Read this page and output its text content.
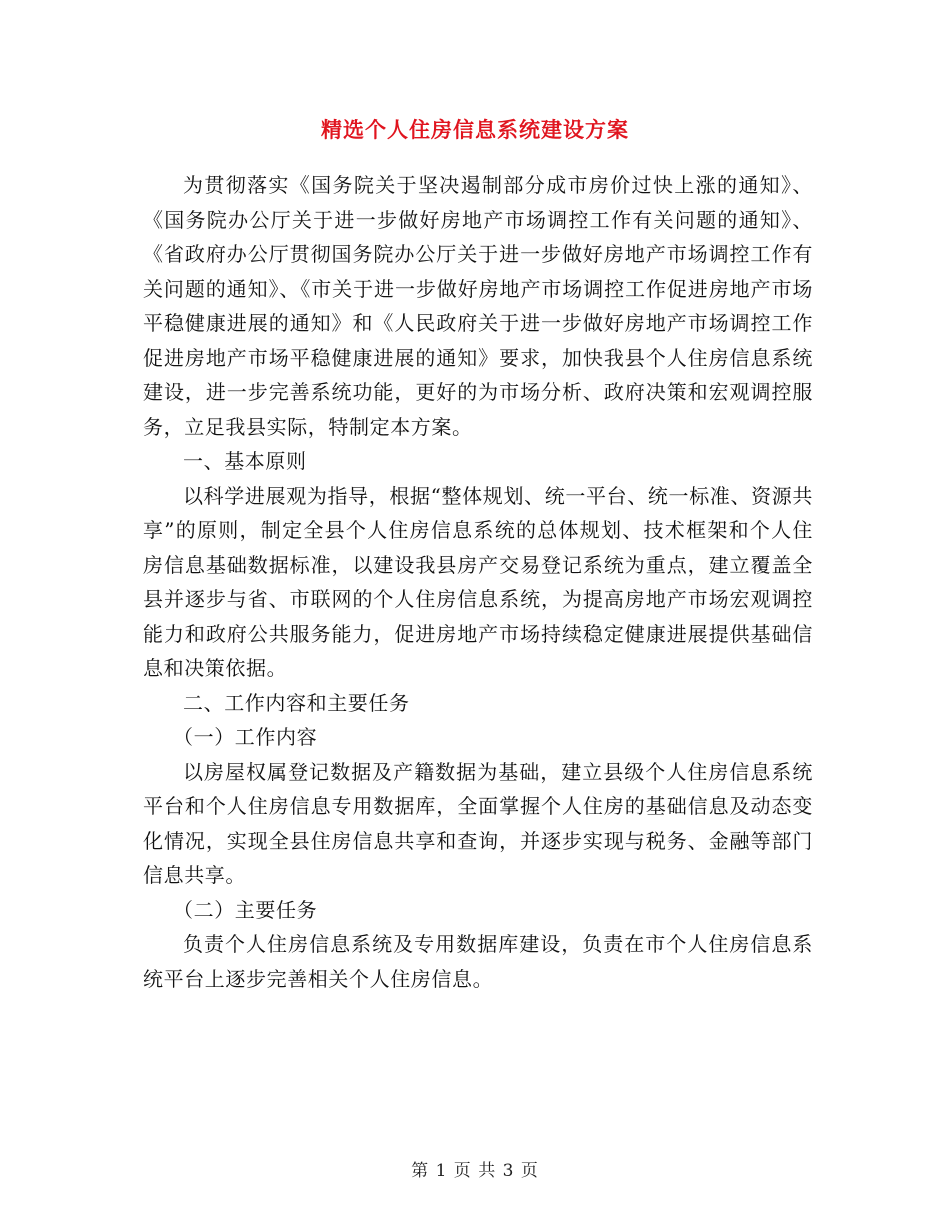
精选个人住房信息系统建设方案

为贯彻落实《国务院关于坚决遏制部分成市房价过快上涨的通知》、《国务院办公厅关于进一步做好房地产市场调控工作有关问题的通知》、《省政府办公厅贯彻国务院办公厅关于进一步做好房地产市场调控工作有关问题的通知》、《市关于进一步做好房地产市场调控工作促进房地产市场平稳健康进展的通知》和《人民政府关于进一步做好房地产市场调控工作促进房地产市场平稳健康进展的通知》要求，加快我县个人住房信息系统建设，进一步完善系统功能，更好的为市场分析、政府决策和宏观调控服务，立足我县实际，特制定本方案。

一、基本原则

以科学进展观为指导，根据“整体规划、统一平台、统一标准、资源共享”的原则，制定全县个人住房信息系统的总体规划、技术框架和个人住房信息基础数据标准，以建设我县房产交易登记系统为重点，建立覆盖全县并逐步与省、市联网的个人住房信息系统，为提高房地产市场宏观调控能力和政府公共服务能力，促进房地产市场持续稳定健康进展提供基础信息和决策依据。

二、工作内容和主要任务

（一）工作内容

以房屋权属登记数据及产籍数据为基础，建立县级个人住房信息系统平台和个人住房信息专用数据库，全面掌握个人住房的基础信息及动态变化情况，实现全县住房信息共享和查询，并逐步实现与税务、金融等部门信息共享。

（二）主要任务

负责个人住房信息系统及专用数据库建设，负责在市个人住房信息系统平台上逐步完善相关个人住房信息。

第 1 页 共 3 页
